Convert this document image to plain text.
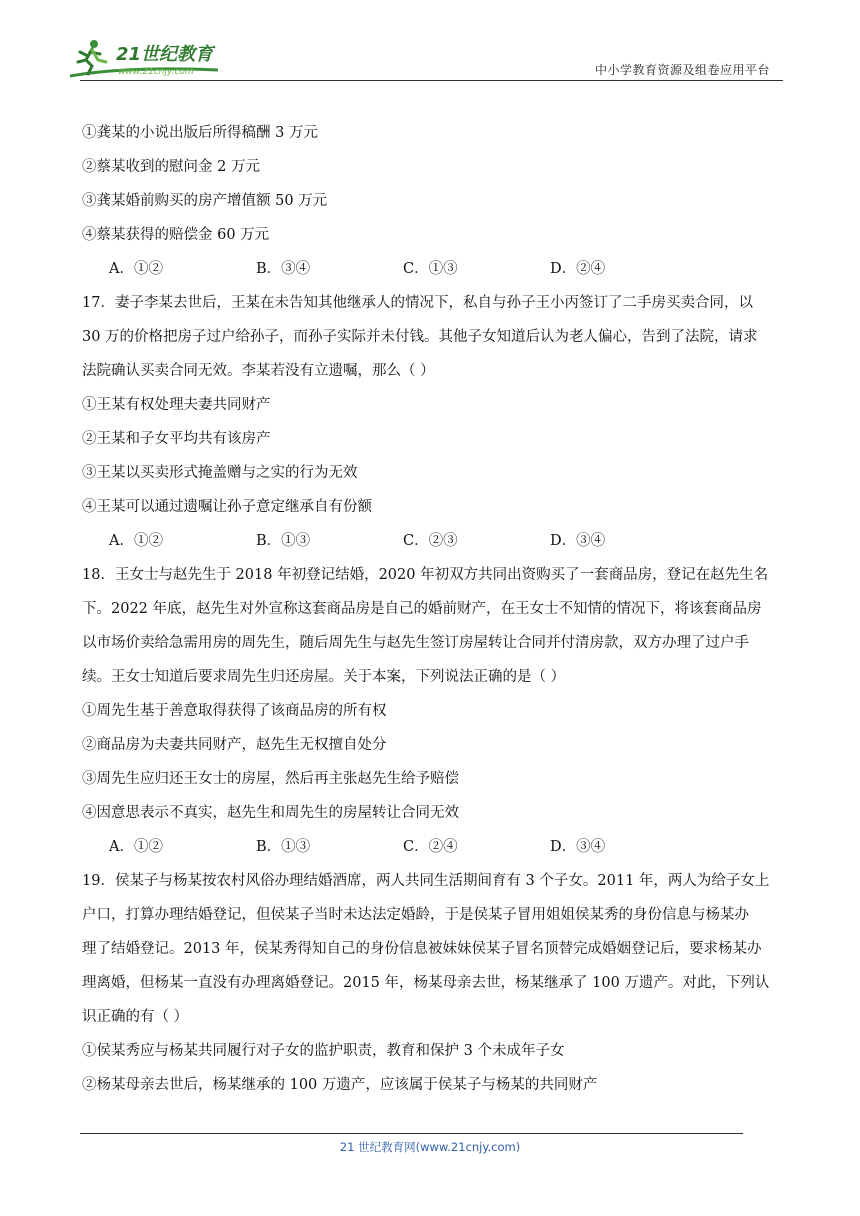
21世纪教育
www.21cnjy.com	中小学教育资源及组卷应用平台
①龚某的小说出版后所得稿酬 3 万元
②蔡某收到的慰问金 2 万元
③龚某婚前购买的房产增值额 50 万元
④蔡某获得的赔偿金 60 万元
A．①②	B．③④	C．①③	D．②④
17．妻子李某去世后，王某在未告知其他继承人的情况下，私自与孙子王小丙签订了二手房买卖合同，以
30 万的价格把房子过户给孙子，而孙子实际并未付钱。其他子女知道后认为老人偏心，告到了法院，请求
法院确认买卖合同无效。李某若没有立遗嘱，那么（ ）
①王某有权处理夫妻共同财产
②王某和子女平均共有该房产
③王某以买卖形式掩盖赠与之实的行为无效
④王某可以通过遗嘱让孙子意定继承自有份额
A．①②	B．①③	C．②③	D．③④
18．王女士与赵先生于 2018 年初登记结婚，2020 年初双方共同出资购买了一套商品房，登记在赵先生名
下。2022 年底，赵先生对外宣称这套商品房是自己的婚前财产，在王女士不知情的情况下，将该套商品房
以市场价卖给急需用房的周先生，随后周先生与赵先生签订房屋转让合同并付清房款，双方办理了过户手
续。王女士知道后要求周先生归还房屋。关于本案，下列说法正确的是（ ）
①周先生基于善意取得获得了该商品房的所有权
②商品房为夫妻共同财产，赵先生无权擅自处分
③周先生应归还王女士的房屋，然后再主张赵先生给予赔偿
④因意思表示不真实，赵先生和周先生的房屋转让合同无效
A．①②	B．①③	C．②④	D．③④
19．侯某子与杨某按农村风俗办理结婚酒席，两人共同生活期间育有 3 个子女。2011 年，两人为给子女上
户口，打算办理结婚登记，但侯某子当时未达法定婚龄，于是侯某子冒用姐姐侯某秀的身份信息与杨某办
理了结婚登记。2013 年，侯某秀得知自己的身份信息被妹妹侯某子冒名顶替完成婚姻登记后，要求杨某办
理离婚，但杨某一直没有办理离婚登记。2015 年，杨某母亲去世，杨某继承了 100 万遗产。对此，下列认
识正确的有（ ）
①侯某秀应与杨某共同履行对子女的监护职责，教育和保护 3 个未成年子女
②杨某母亲去世后，杨某继承的 100 万遗产，应该属于侯某子与杨某的共同财产
21 世纪教育网(www.21cnjy.com)
